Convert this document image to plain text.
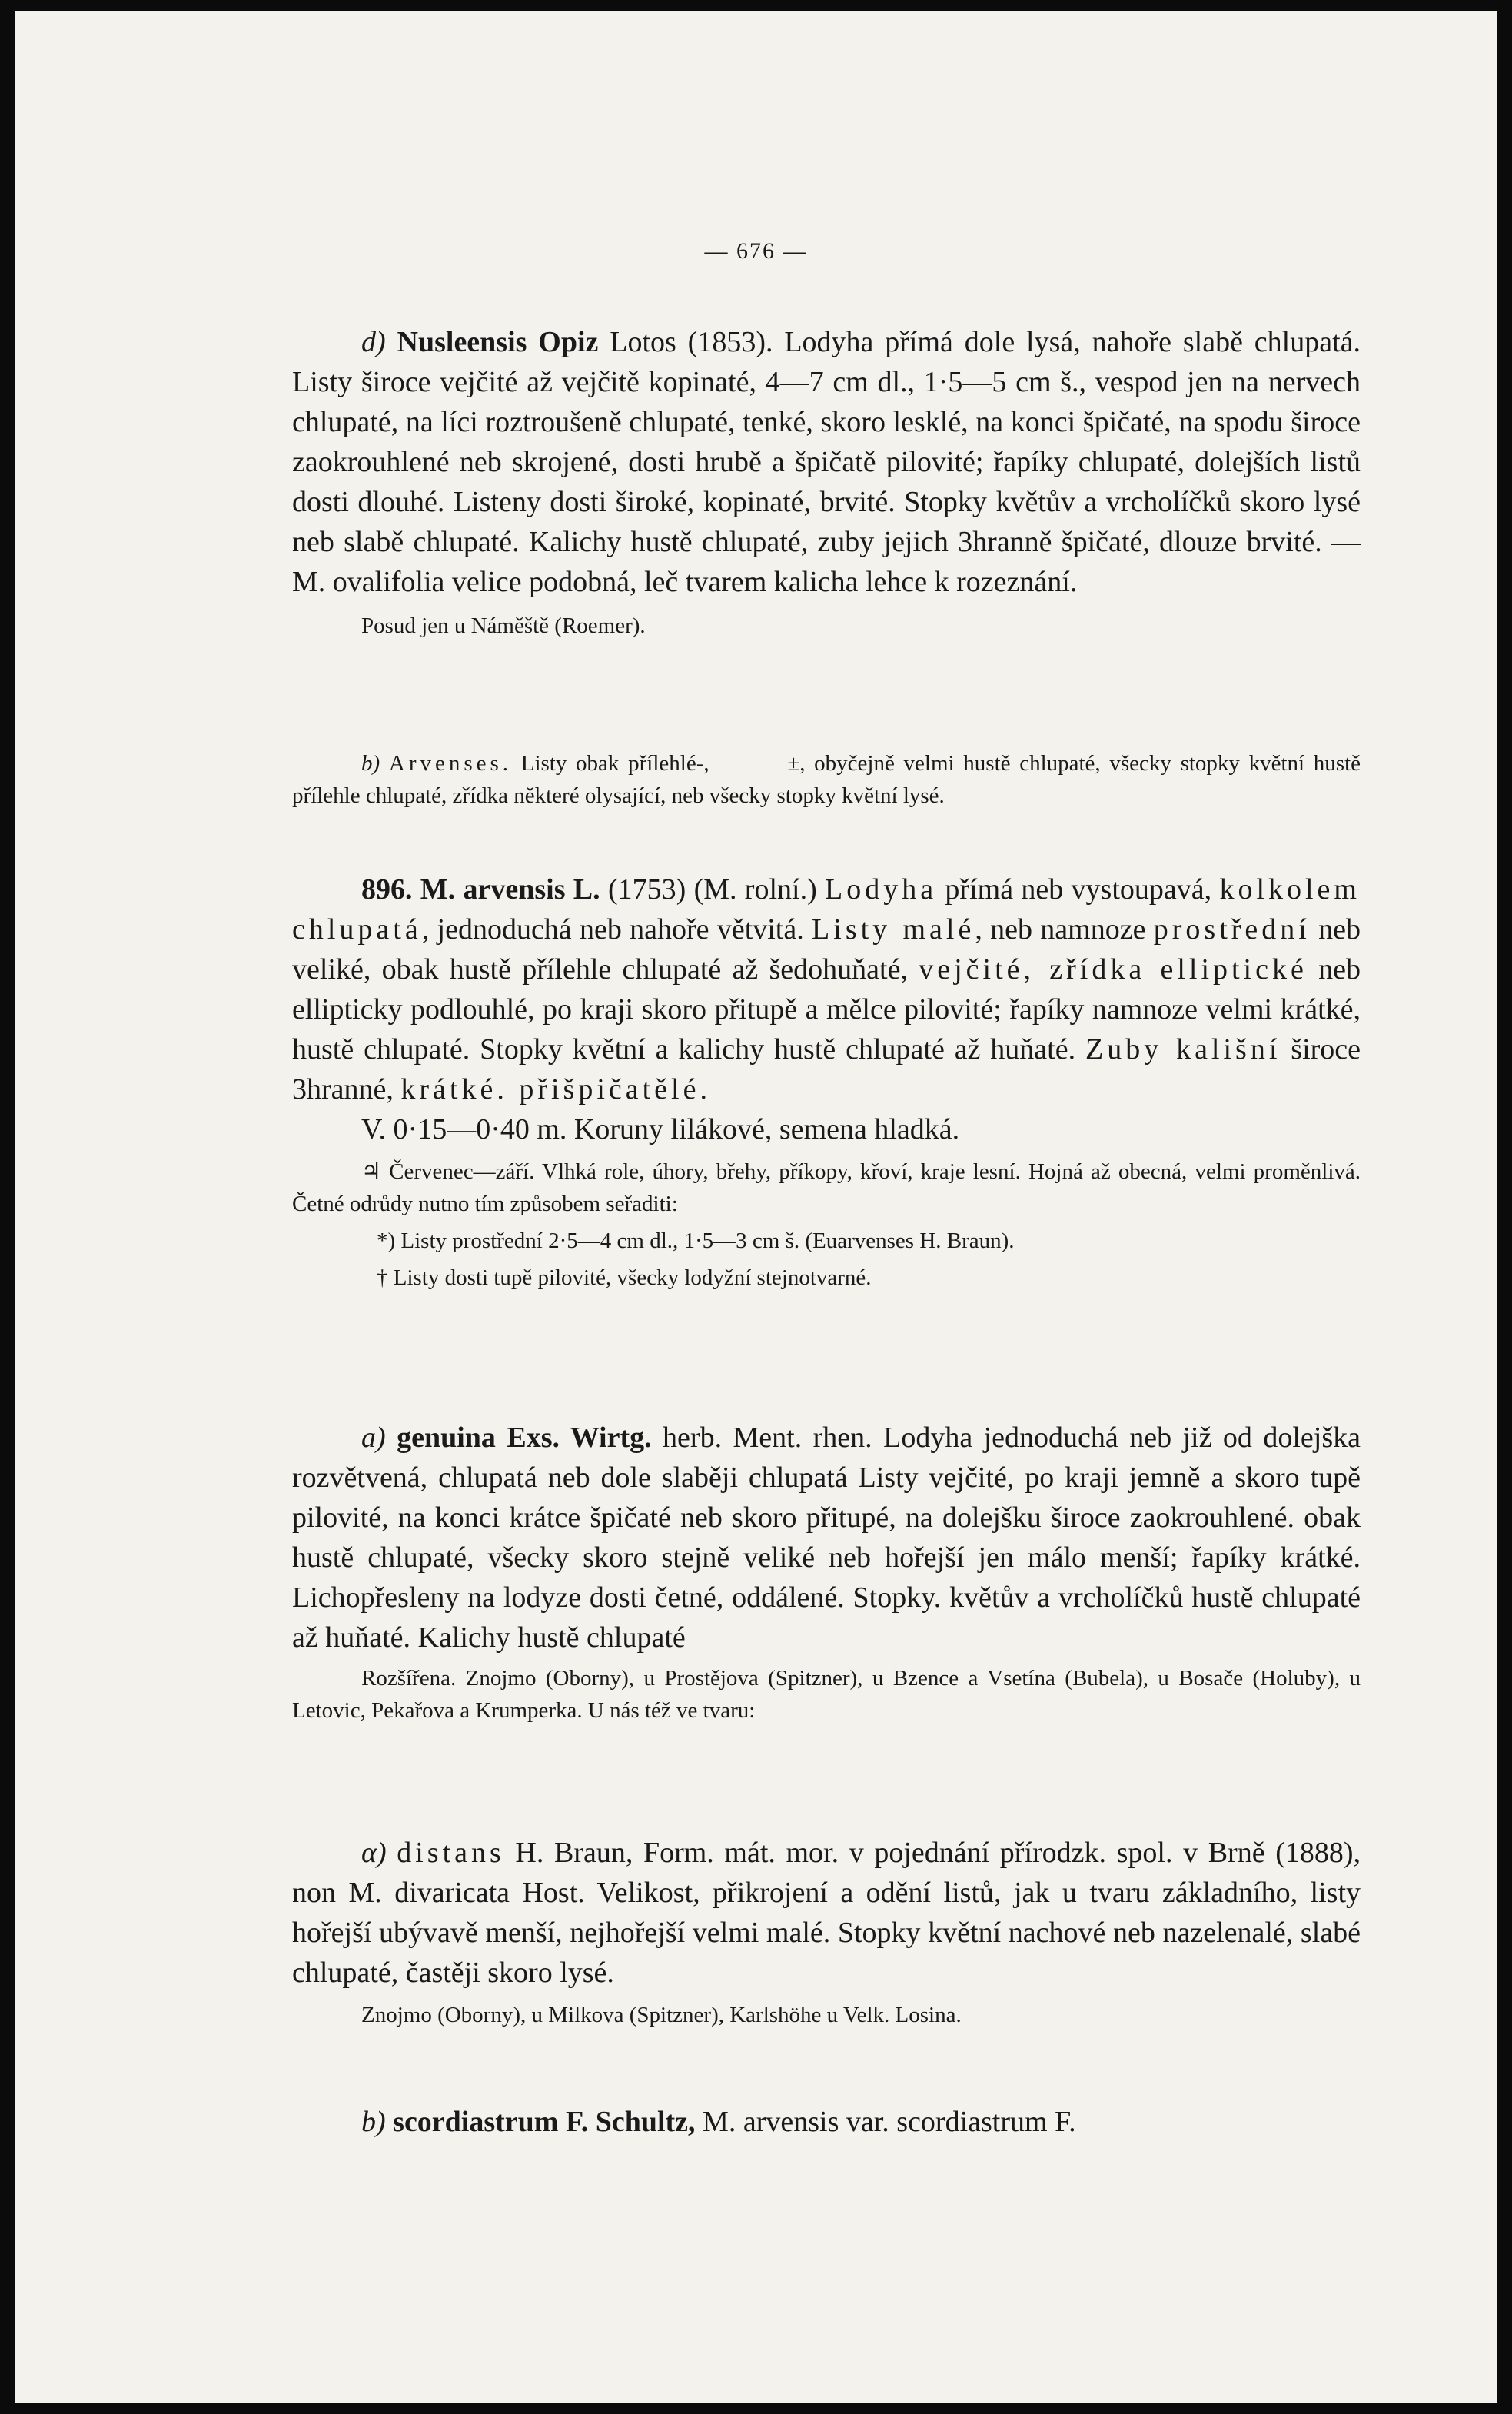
— 676 —

d) Nusleensis Opiz Lotos (1853). Lodyha přímá dole lysá, nahoře slabě chlupatá. Listy široce vejčité až vejčitě kopinaté, 4—7 cm dl., 1·5—5 cm š., vespod jen na nervech chlupaté, na líci roztroušeně chlupaté, tenké, skoro lesklé, na konci špičaté, na spodu široce zaokrouhlené neb skrojené, dosti hrubě a špičatě pilovité; řapíky chlupaté, dolejších listů dosti dlouhé. Listeny dosti široké, kopinaté, brvité. Stopky květův a vrcholíčků skoro lysé neb slabě chlupaté. Kalichy hustě chlupaté, zuby jejich 3hranně špičaté, dlouze brvité. — M. ovalifolia velice podobná, leč tvarem kalicha lehce k rozeznání.

Posud jen u Náměště (Roemer).

b) Arvenses. Listy obak přílehlé-,	±, obyčejně velmi hustě chlupaté, všecky stopky květní hustě přílehle chlupaté, zřídka některé olysající, neb všecky stopky květní lysé.

896. M. arvensis L. (1753) (M. rolní.) Lodyha přímá neb vystoupavá, kolkolem chlupatá, jednoduchá neb nahoře větvitá. Listy malé, neb namnoze prostřední neb veliké, obak hustě přílehle chlupaté až šedohuňaté, vejčité, zřídka elliptické neb ellipticky podlouhlé, po kraji skoro přitupě a mělce pilovité; řapíky namnoze velmi krátké, hustě chlupaté. Stopky květní a kalichy hustě chlupaté až huňaté. Zuby kališní široce 3hranné, krátké. přišpičatělé.

V. 0·15—0·40 m. Koruny lilákové, semena hladká.

♃ Červenec—září. Vlhká role, úhory, břehy, příkopy, křoví, kraje lesní. Hojná až obecná, velmi proměnlivá. Četné odrůdy nutno tím způsobem seřaditi:

*) Listy prostřední 2·5—4 cm dl., 1·5—3 cm š. (Euarvenses H. Braun).

† Listy dosti tupě pilovité, všecky lodyžní stejnotvarné.

a) genuina Exs. Wirtg. herb. Ment. rhen. Lodyha jednoduchá neb již od dolejška rozvětvená, chlupatá neb dole slaběji chlupatá Listy vejčité, po kraji jemně a skoro tupě pilovité, na konci krátce špičaté neb skoro přitupé, na dolejšku široce zaokrouhlené. obak hustě chlupaté, všecky skoro stejně veliké neb hořejší jen málo menší; řapíky krátké. Lichopřesleny na lodyze dosti četné, oddálené. Stopky. květův a vrcholíčků hustě chlupaté až huňaté. Kalichy hustě chlupaté

Rozšířena. Znojmo (Oborny), u Prostějova (Spitzner), u Bzence a Vsetína (Bubela), u Bosače (Holuby), u Letovic, Pekařova a Krumperka. U nás též ve tvaru:

α) distans H. Braun, Form. mát. mor. v pojednání přírodzk. spol. v Brně (1888), non M. divaricata Host. Velikost, přikrojení a odění listů, jak u tvaru základního, listy hořejší ubývavě menší, nejhořejší velmi malé. Stopky květní nachové neb nazelenalé, slabé chlupaté, častěji skoro lysé.

Znojmo (Oborny), u Milkova (Spitzner), Karlshöhe u Velk. Losina.

b) scordiastrum F. Schultz, M. arvensis var. scordiastrum F.
